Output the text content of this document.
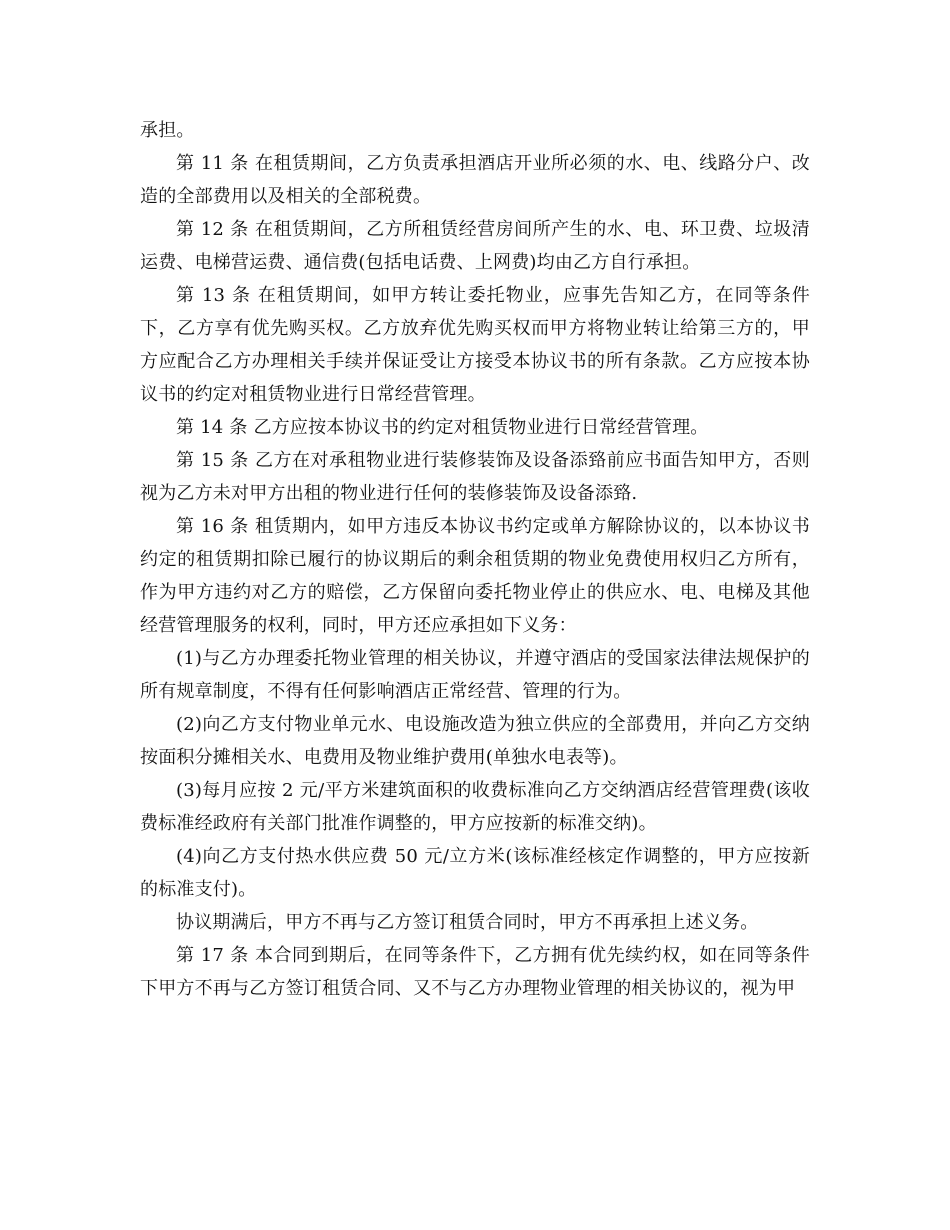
承担。

第 11 条 在租赁期间，乙方负责承担酒店开业所必须的水、电、线路分户、改造的全部费用以及相关的全部税费。

第 12 条 在租赁期间，乙方所租赁经营房间所产生的水、电、环卫费、垃圾清运费、电梯营运费、通信费(包括电话费、上网费)均由乙方自行承担。

第 13 条 在租赁期间，如甲方转让委托物业，应事先告知乙方，在同等条件下，乙方享有优先购买权。乙方放弃优先购买权而甲方将物业转让给第三方的，甲方应配合乙方办理相关手续并保证受让方接受本协议书的所有条款。乙方应按本协议书的约定对租赁物业进行日常经营管理。

第 14 条 乙方应按本协议书的约定对租赁物业进行日常经营管理。

第 15 条 乙方在对承租物业进行装修装饰及设备添臵前应书面告知甲方，否则视为乙方未对甲方出租的物业进行任何的装修装饰及设备添臵.

第 16 条 租赁期内，如甲方违反本协议书约定或单方解除协议的，以本协议书约定的租赁期扣除已履行的协议期后的剩余租赁期的物业免费使用权归乙方所有，作为甲方违约对乙方的赔偿，乙方保留向委托物业停止的供应水、电、电梯及其他经营管理服务的权利，同时，甲方还应承担如下义务：

(1)与乙方办理委托物业管理的相关协议，并遵守酒店的受国家法律法规保护的所有规章制度，不得有任何影响酒店正常经营、管理的行为。

(2)向乙方支付物业单元水、电设施改造为独立供应的全部费用，并向乙方交纳按面积分摊相关水、电费用及物业维护费用(单独水电表等)。

(3)每月应按 2 元/平方米建筑面积的收费标准向乙方交纳酒店经营管理费(该收费标准经政府有关部门批准作调整的，甲方应按新的标准交纳)。

(4)向乙方支付热水供应费 50 元/立方米(该标准经核定作调整的，甲方应按新的标准支付)。

协议期满后，甲方不再与乙方签订租赁合同时，甲方不再承担上述义务。

第 17 条 本合同到期后，在同等条件下，乙方拥有优先续约权，如在同等条件下甲方不再与乙方签订租赁合同、又不与乙方办理物业管理的相关协议的，视为甲
